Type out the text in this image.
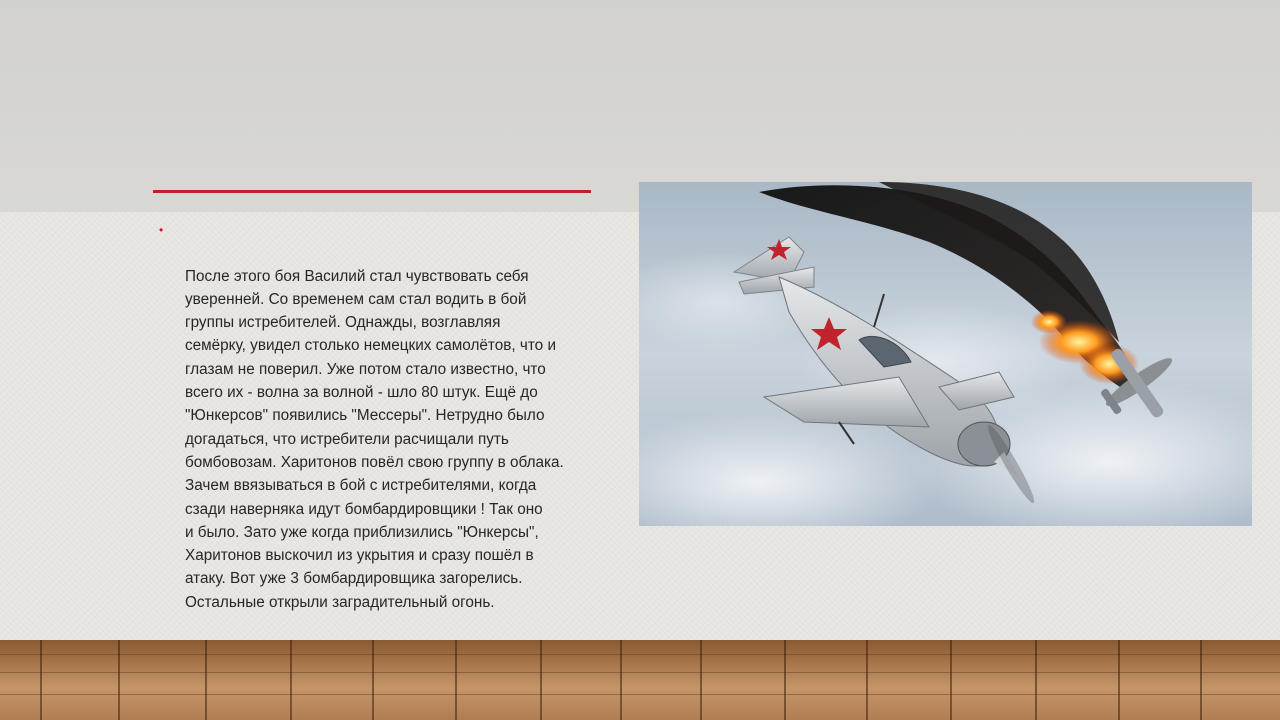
•

После этого боя Василий стал чувствовать себя
уверенней. Со временем сам стал водить в бой
группы истребителей. Однажды, возглавляя
семёрку, увидел столько немецких самолётов, что и
глазам не поверил. Уже потом стало известно, что
всего их - волна за волной - шло 80 штук. Ещё до
"Юнкерсов" появились "Мессеры". Нетрудно было
догадаться, что истребители расчищали путь
бомбовозам. Харитонов повёл свою группу в облака.
Зачем ввязываться в бой с истребителями, когда
сзади наверняка идут бомбардировщики ! Так оно
и было. Зато уже когда приблизились "Юнкерсы",
Харитонов выскочил из укрытия и сразу пошёл в
атаку. Вот уже 3 бомбардировщика загорелись.
Остальные открыли заградительный огонь.
